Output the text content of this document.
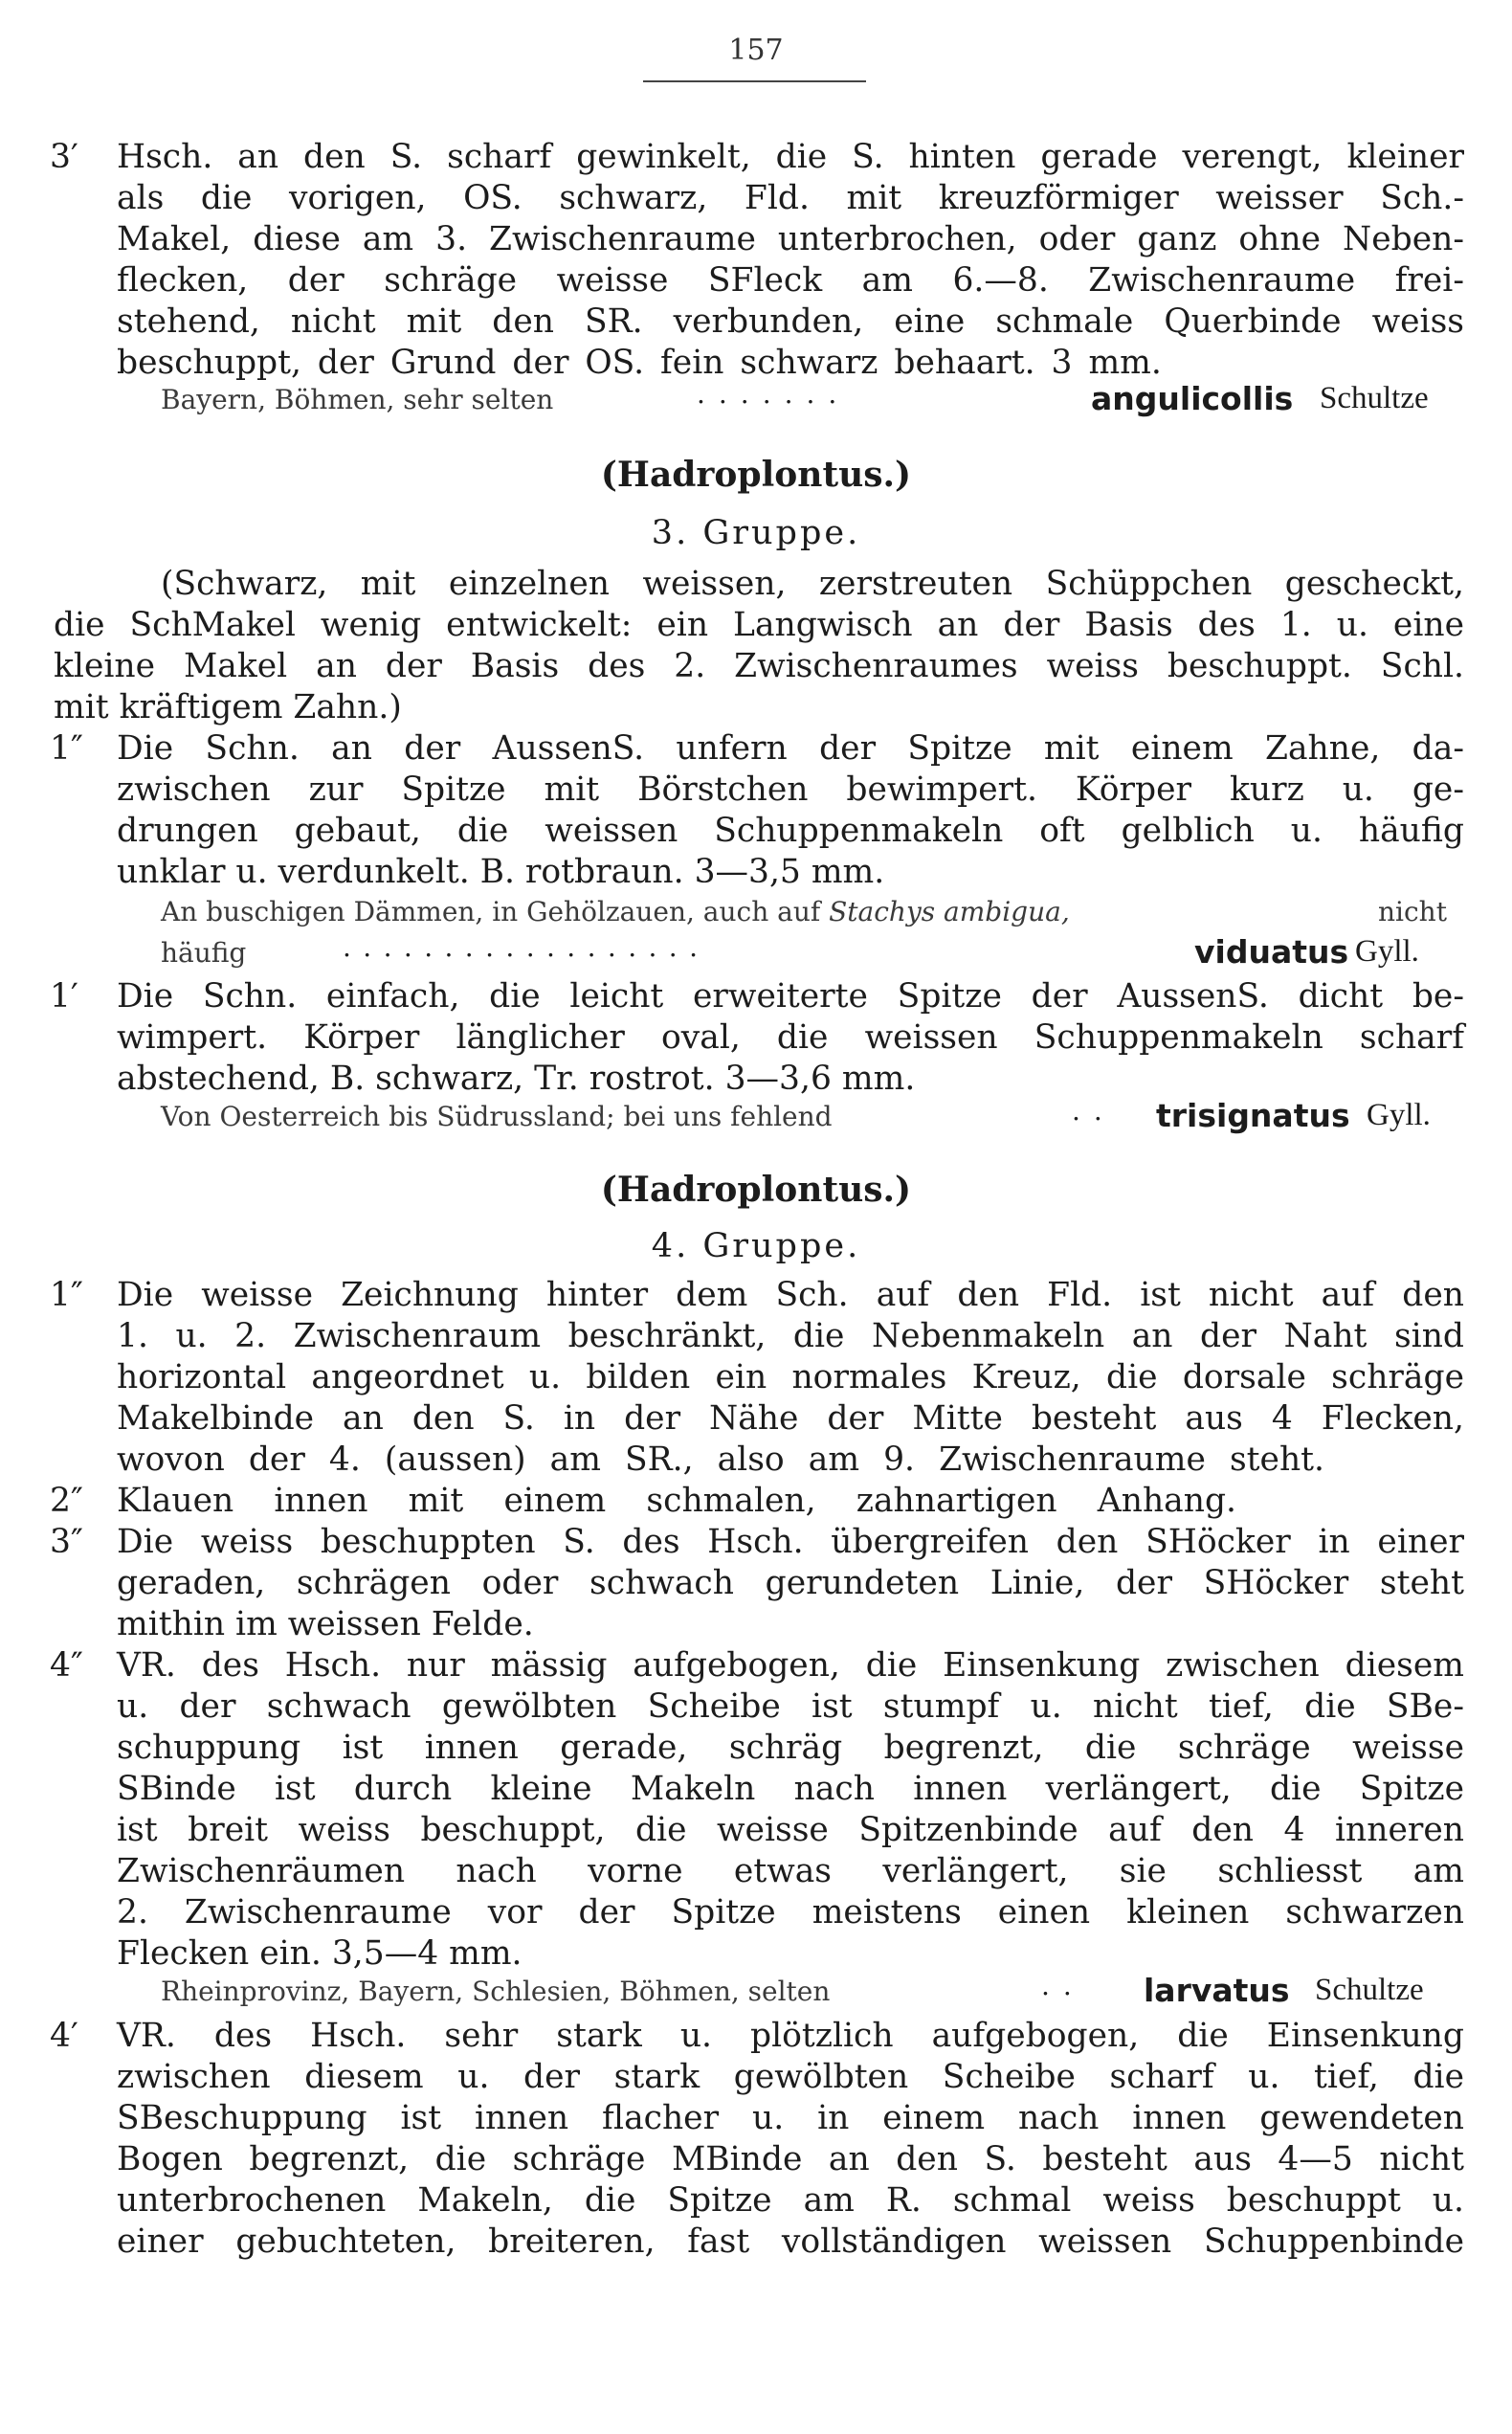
157
3′ Hsch. an den S. scharf gewinkelt, die S. hinten gerade verengt, kleiner
als die vorigen, OS. schwarz, Fld. mit kreuzförmiger weisser Sch.-
Makel, diese am 3. Zwischenraume unterbrochen, oder ganz ohne Neben-
flecken, der schräge weisse SFleck am 6.—8. Zwischenraume frei-
stehend, nicht mit den SR. verbunden, eine schmale Querbinde weiss
beschuppt, der Grund der OS. fein schwarz behaart. 3 mm.
Bayern, Böhmen, sehr selten	.......	angulicollis Schultze
(Hadroplontus.)
3. Gruppe.
(Schwarz, mit einzelnen weissen, zerstreuten Schüppchen gescheckt,
die SchMakel wenig entwickelt: ein Langwisch an der Basis des 1. u. eine
kleine Makel an der Basis des 2. Zwischenraumes weiss beschuppt. Schl.
mit kräftigem Zahn.)
1″ Die Schn. an der AussenS. unfern der Spitze mit einem Zahne, da-
zwischen zur Spitze mit Börstchen bewimpert. Körper kurz u. ge-
drungen gebaut, die weissen Schuppenmakeln oft gelblich u. häufig
unklar u. verdunkelt. B. rotbraun. 3—3,5 mm.
An buschigen Dämmen, in Gehölzauen, auch auf Stachys ambigua,	nicht
häufig	..................	viduatus Gyll.
1′ Die Schn. einfach, die leicht erweiterte Spitze der AussenS. dicht be-
wimpert. Körper länglicher oval, die weissen Schuppenmakeln scharf
abstechend, B. schwarz, Tr. rostrot. 3—3,6 mm.
Von Oesterreich bis Südrussland; bei uns fehlend	.. trisignatus Gyll.
(Hadroplontus.)
4. Gruppe.
1″ Die weisse Zeichnung hinter dem Sch. auf den Fld. ist nicht auf den
1. u. 2. Zwischenraum beschränkt, die Nebenmakeln an der Naht sind
horizontal angeordnet u. bilden ein normales Kreuz, die dorsale schräge
Makelbinde an den S. in der Nähe der Mitte besteht aus 4 Flecken,
wovon der 4. (aussen) am SR., also am 9. Zwischenraume steht.
2″ Klauen innen mit einem schmalen, zahnartigen Anhang.
3″ Die weiss beschuppten S. des Hsch. übergreifen den SHöcker in einer
geraden, schrägen oder schwach gerundeten Linie, der SHöcker steht
mithin im weissen Felde.
4″ VR. des Hsch. nur mässig aufgebogen, die Einsenkung zwischen diesem
u. der schwach gewölbten Scheibe ist stumpf u. nicht tief, die SBe-
schuppung ist innen gerade, schräg begrenzt, die schräge weisse
SBinde ist durch kleine Makeln nach innen verlängert, die Spitze
ist breit weiss beschuppt, die weisse Spitzenbinde auf den 4 inneren
Zwischenräumen nach vorne etwas verlängert, sie schliesst am
2. Zwischenraume vor der Spitze meistens einen kleinen schwarzen
Flecken ein. 3,5—4 mm.
Rheinprovinz, Bayern, Schlesien, Böhmen, selten	.. larvatus Schultze
4′ VR. des Hsch. sehr stark u. plötzlich aufgebogen, die Einsenkung
zwischen diesem u. der stark gewölbten Scheibe scharf u. tief, die
SBeschuppung ist innen flacher u. in einem nach innen gewendeten
Bogen begrenzt, die schräge MBinde an den S. besteht aus 4—5 nicht
unterbrochenen Makeln, die Spitze am R. schmal weiss beschuppt u.
einer gebuchteten, breiteren, fast vollständigen weissen Schuppenbinde
